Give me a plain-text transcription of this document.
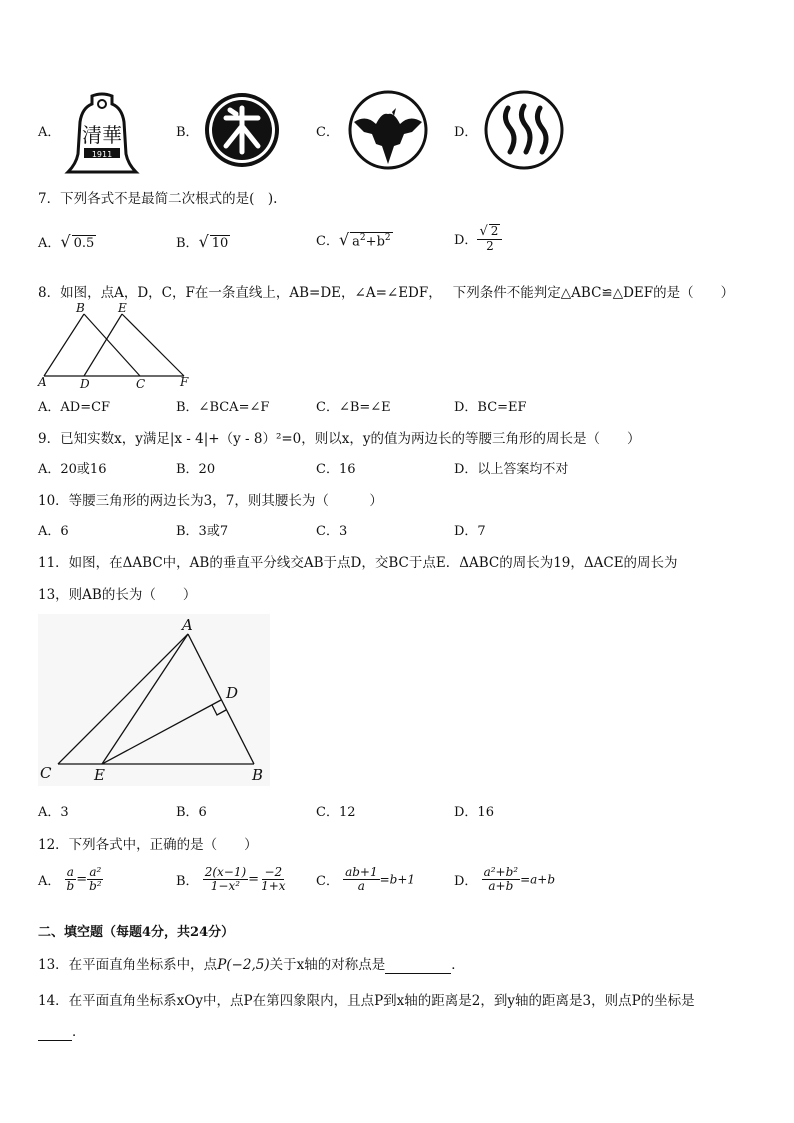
A． 清華
1911
B．	C．	D．
7．下列各式不是最简二次根式的是(　).
A．√ 0.5	B．√ 10	C．√ $a^2+b^2$	D． $\frac{√ 2}{2}$
8．如图，点A，D，C，F在一条直线上，AB=DE，∠A=∠EDF，　 下列条件不能判定△ABC≌△DEF的是（　　）
A
B
C
D
E
F
A．AD=CF	B．∠BCA=∠F	C．∠B=∠E	D．BC=EF
9．已知实数x，y满足|x - 4|+（y - 8）²=0，则以x，y的值为两边长的等腰三角形的周长是（　　）
A．20或16	B．20	C．16	D．以上答案均不对
10．等腰三角形的两边长为3，7，则其腰长为（　　　）
A．6	B．3或7	C．3	D．7
11．如图，在ΔABC中，AB的垂直平分线交AB于点D，交BC于点E．ΔABC的周长为19，ΔACE的周长为
13，则AB的长为（　　）
A
B
C
D
E
A．3	B．6	C．12	D．16
12．下列各式中，正确的是（　　）
A． $\frac{a}{b} = \frac{\text{a²}}{\text{b²}}$	B． $\frac{2(x-1)}{\text{1−x²}} = \frac{-2}{1+x}$ C． $\frac{ab+1}{a} =b+1$	D． $\frac{\text{a²+b²}}{a+b} =a+b$
二、填空题（每题4分，共24分）
13．在平面直角坐标系中，点P(−2,5)关于x轴的对称点是	．
14．在平面直角坐标系xOy中，点P在第四象限内，且点P到x轴的距离是2，到y轴的距离是3，则点P的坐标是
．
